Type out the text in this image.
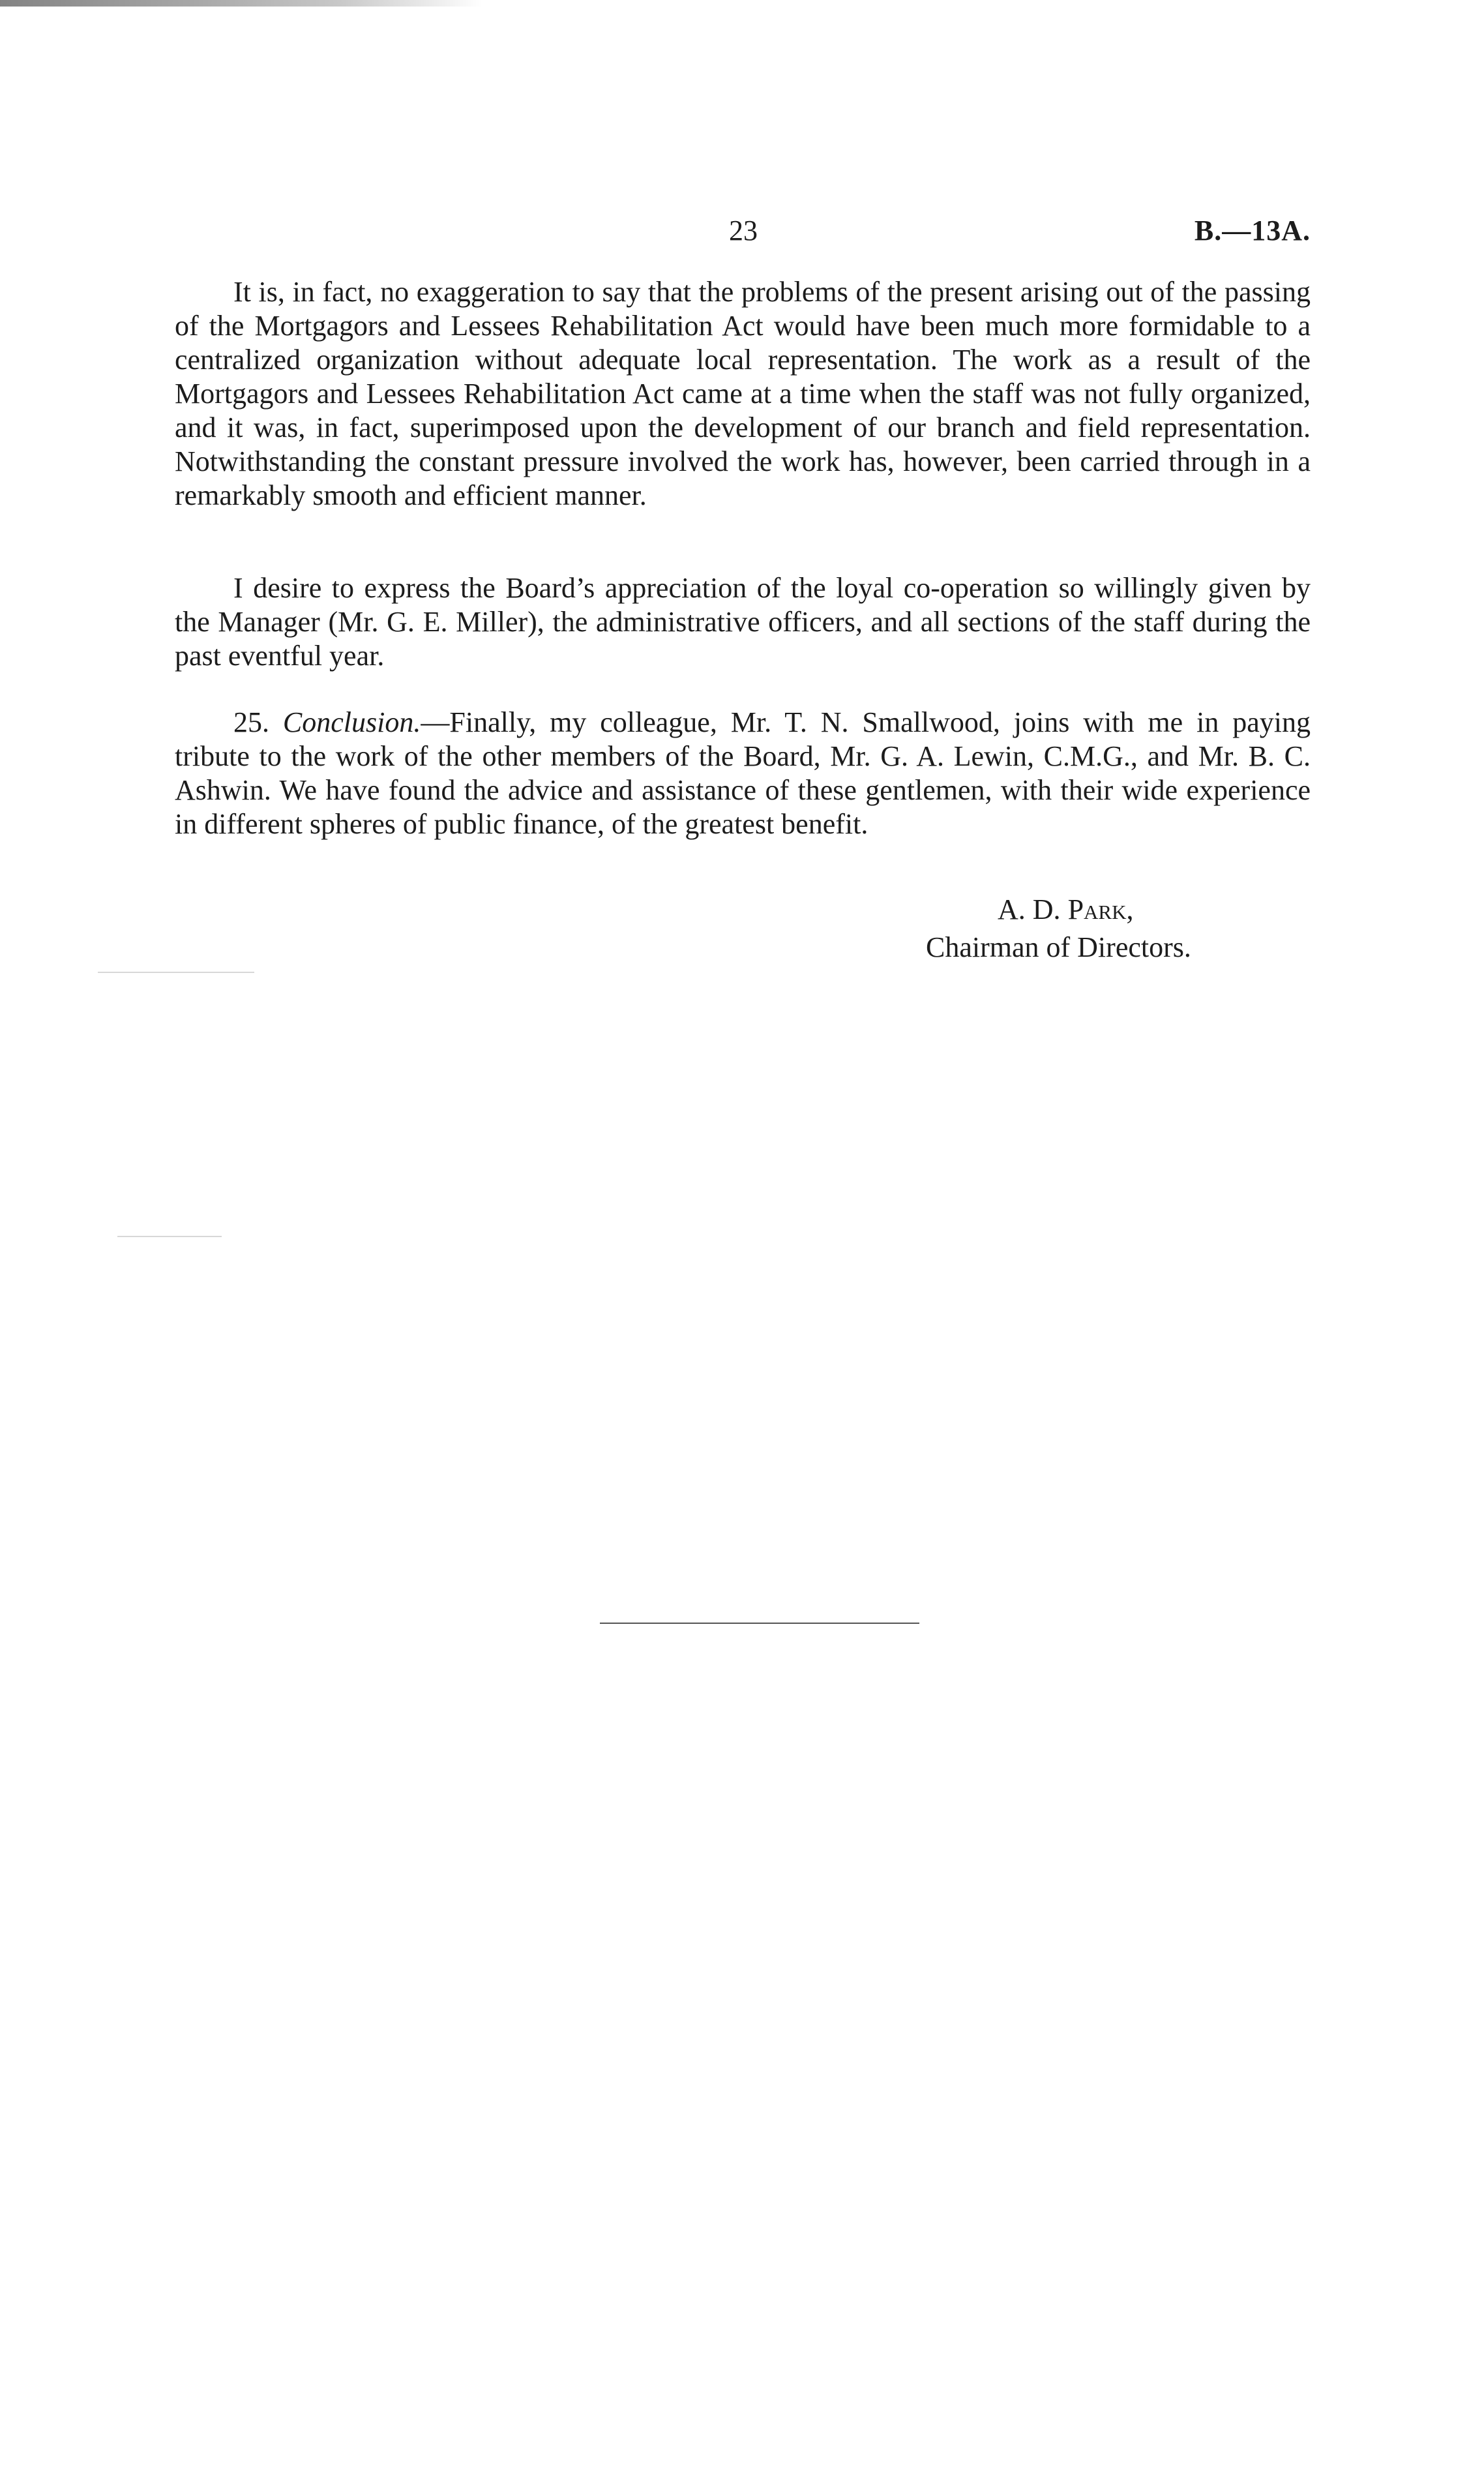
23	B.—13A.

It is, in fact, no exaggeration to say that the problems of the present arising out of the passing of the Mortgagors and Lessees Rehabilitation Act would have been much more formidable to a centralized organization without adequate local representation. The work as a result of the Mortgagors and Lessees Rehabilitation Act came at a time when the staff was not fully organized, and it was, in fact, superimposed upon the development of our branch and field representation. Notwithstanding the constant pressure involved the work has, however, been carried through in a remarkably smooth and efficient manner.

I desire to express the Board’s appreciation of the loyal co-operation so willingly given by the Manager (Mr. G. E. Miller), the administrative officers, and all sections of the staff during the past eventful year.

25. Conclusion.—Finally, my colleague, Mr. T. N. Smallwood, joins with me in paying tribute to the work of the other members of the Board, Mr. G. A. Lewin, C.M.G., and Mr. B. C. Ashwin. We have found the advice and assistance of these gentlemen, with their wide experience in different spheres of public finance, of the greatest benefit.

A. D. Park,
Chairman of Directors.
